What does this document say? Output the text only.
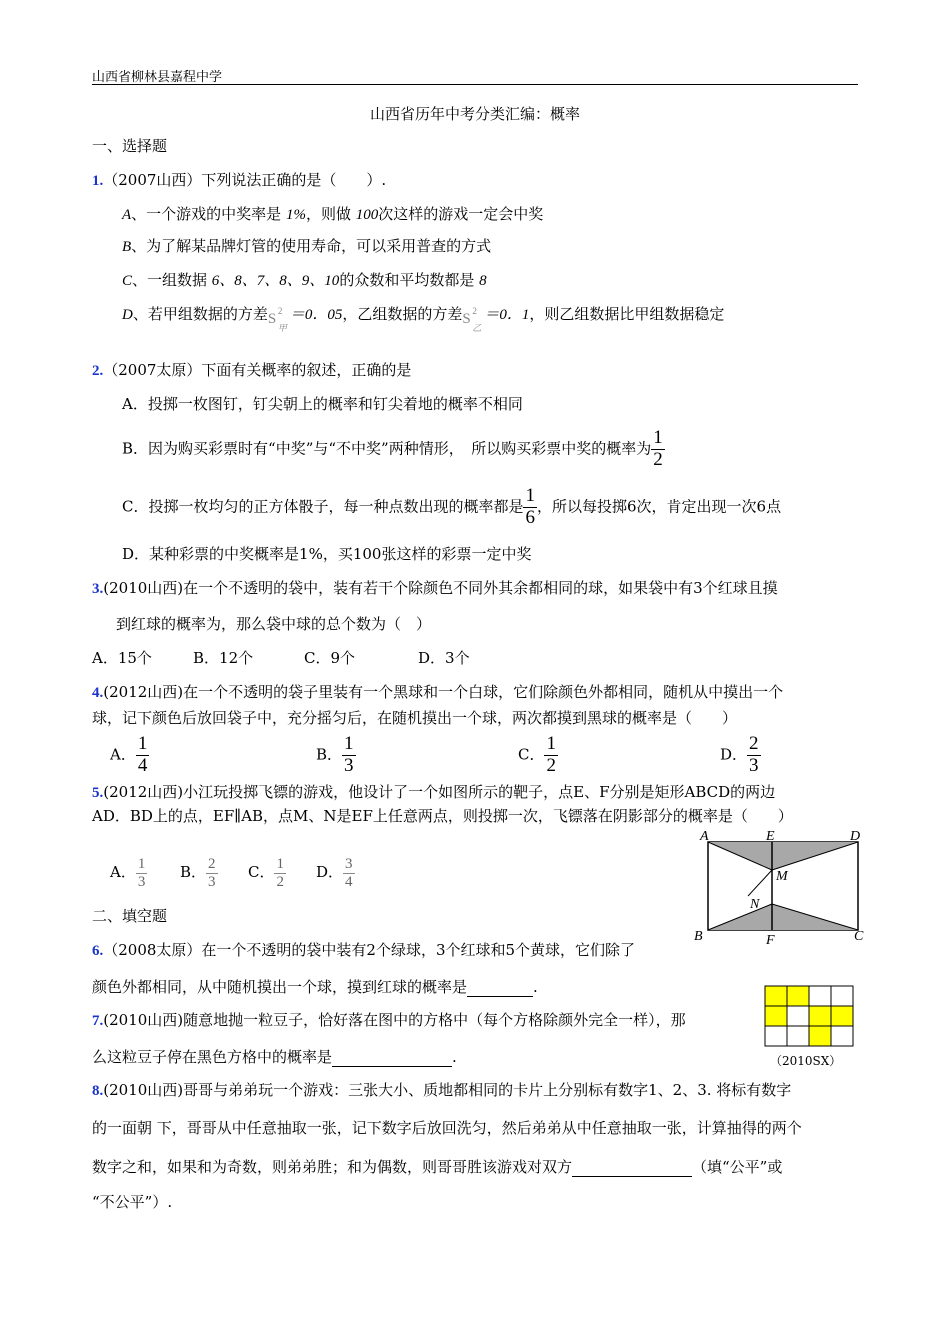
山西省柳林县嘉程中学
山西省历年中考分类汇编：概率
一、选择题
1.（2007山西）下列说法正确的是（　　）.
A、一个游戏的中奖率是 1%，则做 100次这样的游戏一定会中奖
B、为了解某品牌灯管的使用寿命，可以采用普查的方式
C、一组数据 6、8、7、8、9、10的众数和平均数都是 8
D、若甲组数据的方差 S 2
甲
＝0．05，乙组数据的方差 S 2
乙
＝0．1，则乙组数据比甲组数据稳定
2.（2007太原）下面有关概率的叙述，正确的是
A．投掷一枚图钉，钉尖朝上的概率和钉尖着地的概率不相同
B．因为购买彩票时有“中奖”与“不中奖”两种情形，　所以购买彩票中奖的概率为 $\frac{1}{2}$
C．投掷一枚均匀的正方体骰子，每一种点数出现的概率都是 $\frac{1}{6}$ ，所以每投掷6次，肯定出现一次6点
D．某种彩票的中奖概率是1%，买100张这样的彩票一定中奖
3.(2010山西)在一个不透明的袋中，装有若干个除颜色不同外其余都相同的球，如果袋中有3个红球且摸
到红球的概率为，那么袋中球的总个数为（　）
A．15个	B．12个	C．9个	D．3个
4.(2012山西)在一个不透明的袋子里装有一个黑球和一个白球，它们除颜色外都相同，随机从中摸出一个
球，记下颜色后放回袋子中，充分摇匀后，在随机摸出一个球，两次都摸到黑球的概率是（　　）
A． $\frac{1}{4}$	B． $\frac{1}{3}$	C． $\frac{1}{2}$	D． $\frac{2}{3}$
5.(2012山西)小江玩投掷飞镖的游戏，他设计了一个如图所示的靶子，点E、F分别是矩形ABCD的两边
AD．BD上的点，EF∥AB，点M、N是EF上任意两点，则投掷一次，飞镖落在阴影部分的概率是（　　）
A． $\frac{1}{3}$ B． $\frac{2}{3}$ C． $\frac{1}{2}$ D． $\frac{3}{4}$
A	E	D
M
N
B	F	C
二、填空题
6.（2008太原）在一个不透明的袋中装有2个绿球，3个红球和5个黄球，它们除了
颜色外都相同，从中随机摸出一个球，摸到红球的概率是	.
7.(2010山西)随意地抛一粒豆子，恰好落在图中的方格中（每个方格除颜外完全一样），那
么这粒豆子停在黑色方格中的概率是	.	（2010SX）
8.(2010山西)哥哥与弟弟玩一个游戏：三张大小、质地都相同的卡片上分别标有数字1、2、3. 将标有数字
的一面朝 下，哥哥从中任意抽取一张，记下数字后放回洗匀，然后弟弟从中任意抽取一张，计算抽得的两个
数字之和，如果和为奇数，则弟弟胜；和为偶数，则哥哥胜该游戏对双方	（填“公平”或
“不公平”）.
